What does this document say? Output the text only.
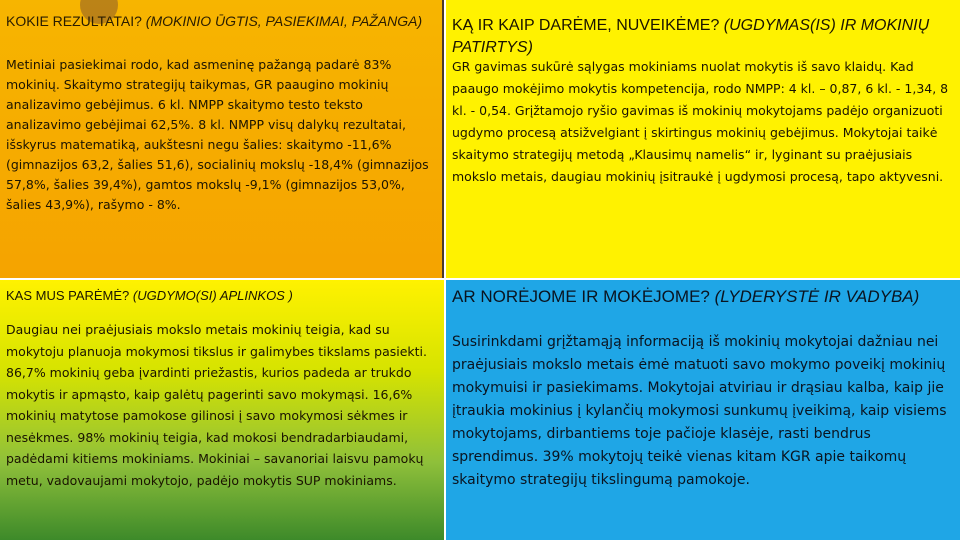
KOKIE REZULTATAI? (MOKINIO ŪGTIS, PASIEKIMAI, PAŽANGA)
Metiniai pasiekimai rodo, kad asmeninę pažangą padarė 83% mokinių. Skaitymo strategijų taikymas, GR paaugino mokinių analizavimo gebėjimus. 6 kl. NMPP skaitymo testo teksto analizavimo gebėjimai 62,5%. 8 kl. NMPP visų dalykų rezultatai, išskyrus matematiką, aukštesni negu šalies: skaitymo -11,6% (gimnazijos 63,2, šalies 51,6), socialinių mokslų -18,4% (gimnazijos 57,8%, šalies 39,4%), gamtos mokslų -9,1% (gimnazijos 53,0%, šalies 43,9%), rašymo - 8%.
KĄ IR KAIP DARĖME, NUVEIKĖME? (UGDYMAS(IS) IR MOKINIŲ PATIRTYS)
GR gavimas sukūrė sąlygas mokiniams nuolat mokytis iš savo klaidų. Kad paaugo mokėjimo mokytis kompetencija, rodo NMPP: 4 kl. – 0,87, 6 kl. - 1,34, 8 kl. - 0,54. Grįžtamojo ryšio gavimas iš mokinių mokytojams padėjo organizuoti ugdymo procesą atsižvelgiant į skirtingus mokinių gebėjimus. Mokytojai taikė skaitymo strategijų metodą „Klausimų namelis“ ir, lyginant su praėjusiais mokslo metais, daugiau mokinių įsitraukė į ugdymosi procesą, tapo aktyvesni.
KAS MUS PARĖMĖ? (UGDYMO(SI) APLINKOS )
Daugiau nei praėjusiais mokslo metais mokinių teigia, kad su mokytoju planuoja mokymosi tikslus ir galimybes tikslams pasiekti. 86,7% mokinių geba įvardinti priežastis, kurios padeda ar trukdo mokytis ir apmąsto, kaip galėtų pagerinti savo mokymąsi. 16,6% mokinių matytose pamokose gilinosi į savo mokymosi sėkmes ir nesėkmes. 98% mokinių teigia, kad mokosi bendradarbiaudami, padėdami kitiems mokiniams. Mokiniai – savanoriai laisvu pamokų metu, vadovaujami mokytojo, padėjo mokytis SUP mokiniams.
AR NORĖJOME IR MOKĖJOME? (LYDERYSTĖ IR VADYBA)
Susirinkdami grįžtamąją informaciją iš mokinių mokytojai dažniau nei praėjusiais mokslo metais ėmė matuoti savo mokymo poveikį mokinių mokymuisi ir pasiekimams. Mokytojai atviriau ir drąsiau kalba, kaip jie įtraukia mokinius į kylančių mokymosi sunkumų įveikimą, kaip visiems mokytojams, dirbantiems toje pačioje klasėje, rasti bendrus sprendimus. 39% mokytojų teikė vienas kitam KGR apie taikomų skaitymo strategijų tikslingumą pamokoje.
